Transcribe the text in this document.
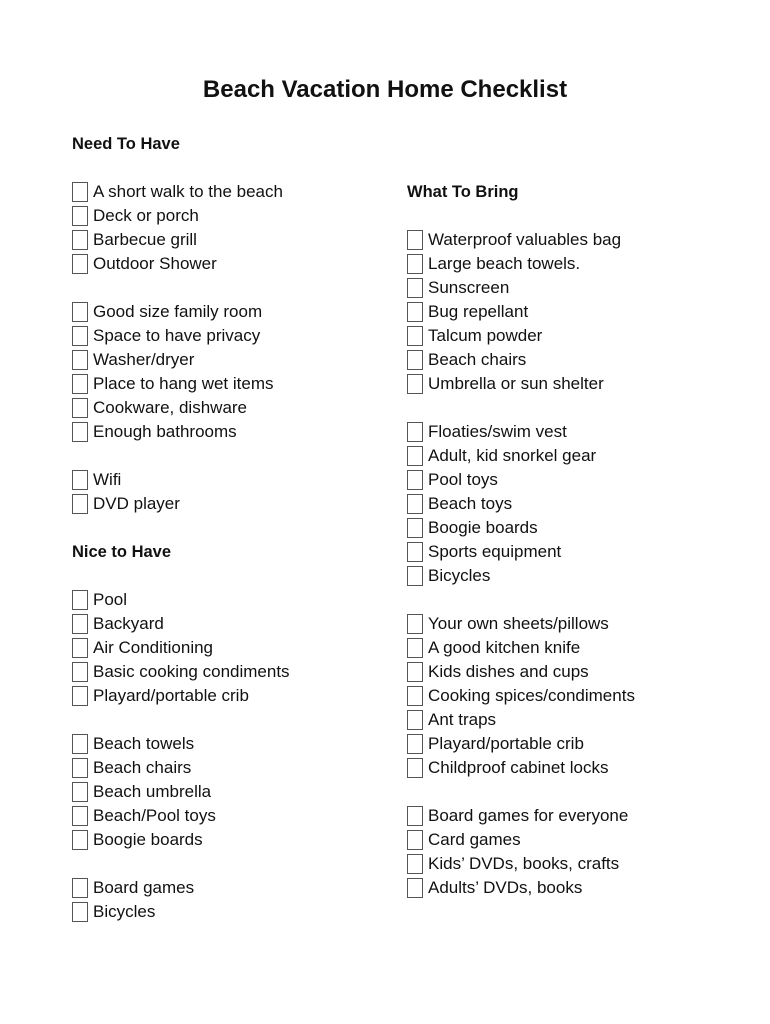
Beach Vacation Home Checklist
Need To Have
A short walk to the beach
Deck or porch
Barbecue grill
Outdoor Shower
Good size family room
Space to have privacy
Washer/dryer
Place to hang wet items
Cookware, dishware
Enough bathrooms
Wifi
DVD player
Nice to Have
Pool
Backyard
Air Conditioning
Basic cooking condiments
Playard/portable crib
Beach towels
Beach chairs
Beach umbrella
Beach/Pool toys
Boogie boards
Board games
Bicycles
What To Bring
Waterproof valuables bag
Large beach towels.
Sunscreen
Bug repellant
Talcum powder
Beach chairs
Umbrella or sun shelter
Floaties/swim vest
Adult, kid snorkel gear
Pool toys
Beach toys
Boogie boards
Sports equipment
Bicycles
Your own sheets/pillows
A good kitchen knife
Kids dishes and cups
Cooking spices/condiments
Ant traps
Playard/portable crib
Childproof cabinet locks
Board games for everyone
Card games
Kids’ DVDs, books, crafts
Adults’ DVDs, books
